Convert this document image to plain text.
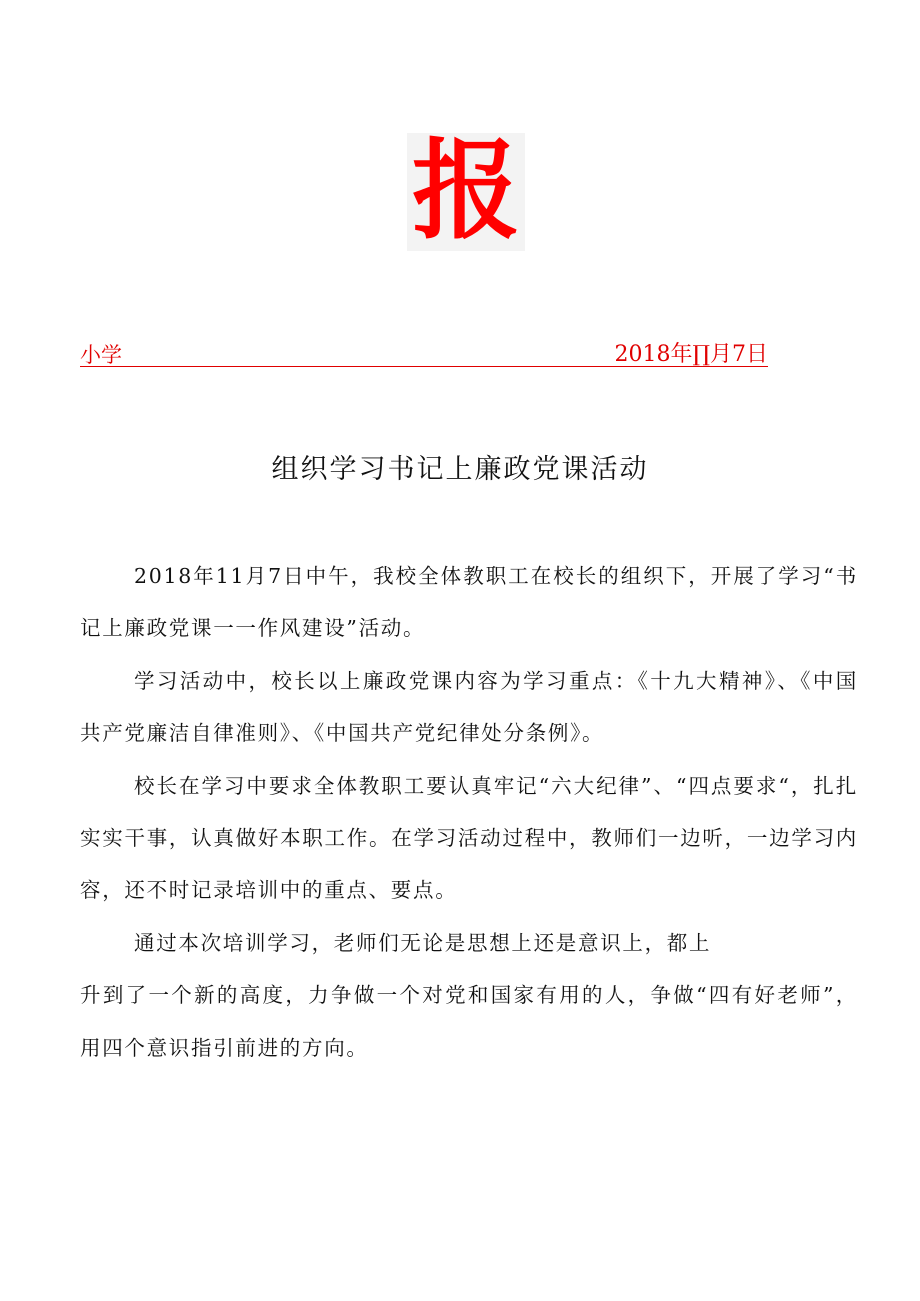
报
小学	2018年∏月7日
组织学习书记上廉政党课活动

2018年11月7日中午，我校全体教职工在校长的组织下，开展了学习“书记上廉政党课一一作风建设”活动。

学习活动中，校长以上廉政党课内容为学习重点：《十九大精神》、《中国共产党廉洁自律准则》、《中国共产党纪律处分条例》。

校长在学习中要求全体教职工要认真牢记“六大纪律”、“四点要求“，扎扎实实干事，认真做好本职工作。在学习活动过程中，教师们一边听，一边学习内容，还不时记录培训中的重点、要点。

通过本次培训学习，老师们无论是思想上还是意识上，都上

升到了一个新的高度，力争做一个对党和国家有用的人，争做“四有好老师”，用四个意识指引前进的方向。
